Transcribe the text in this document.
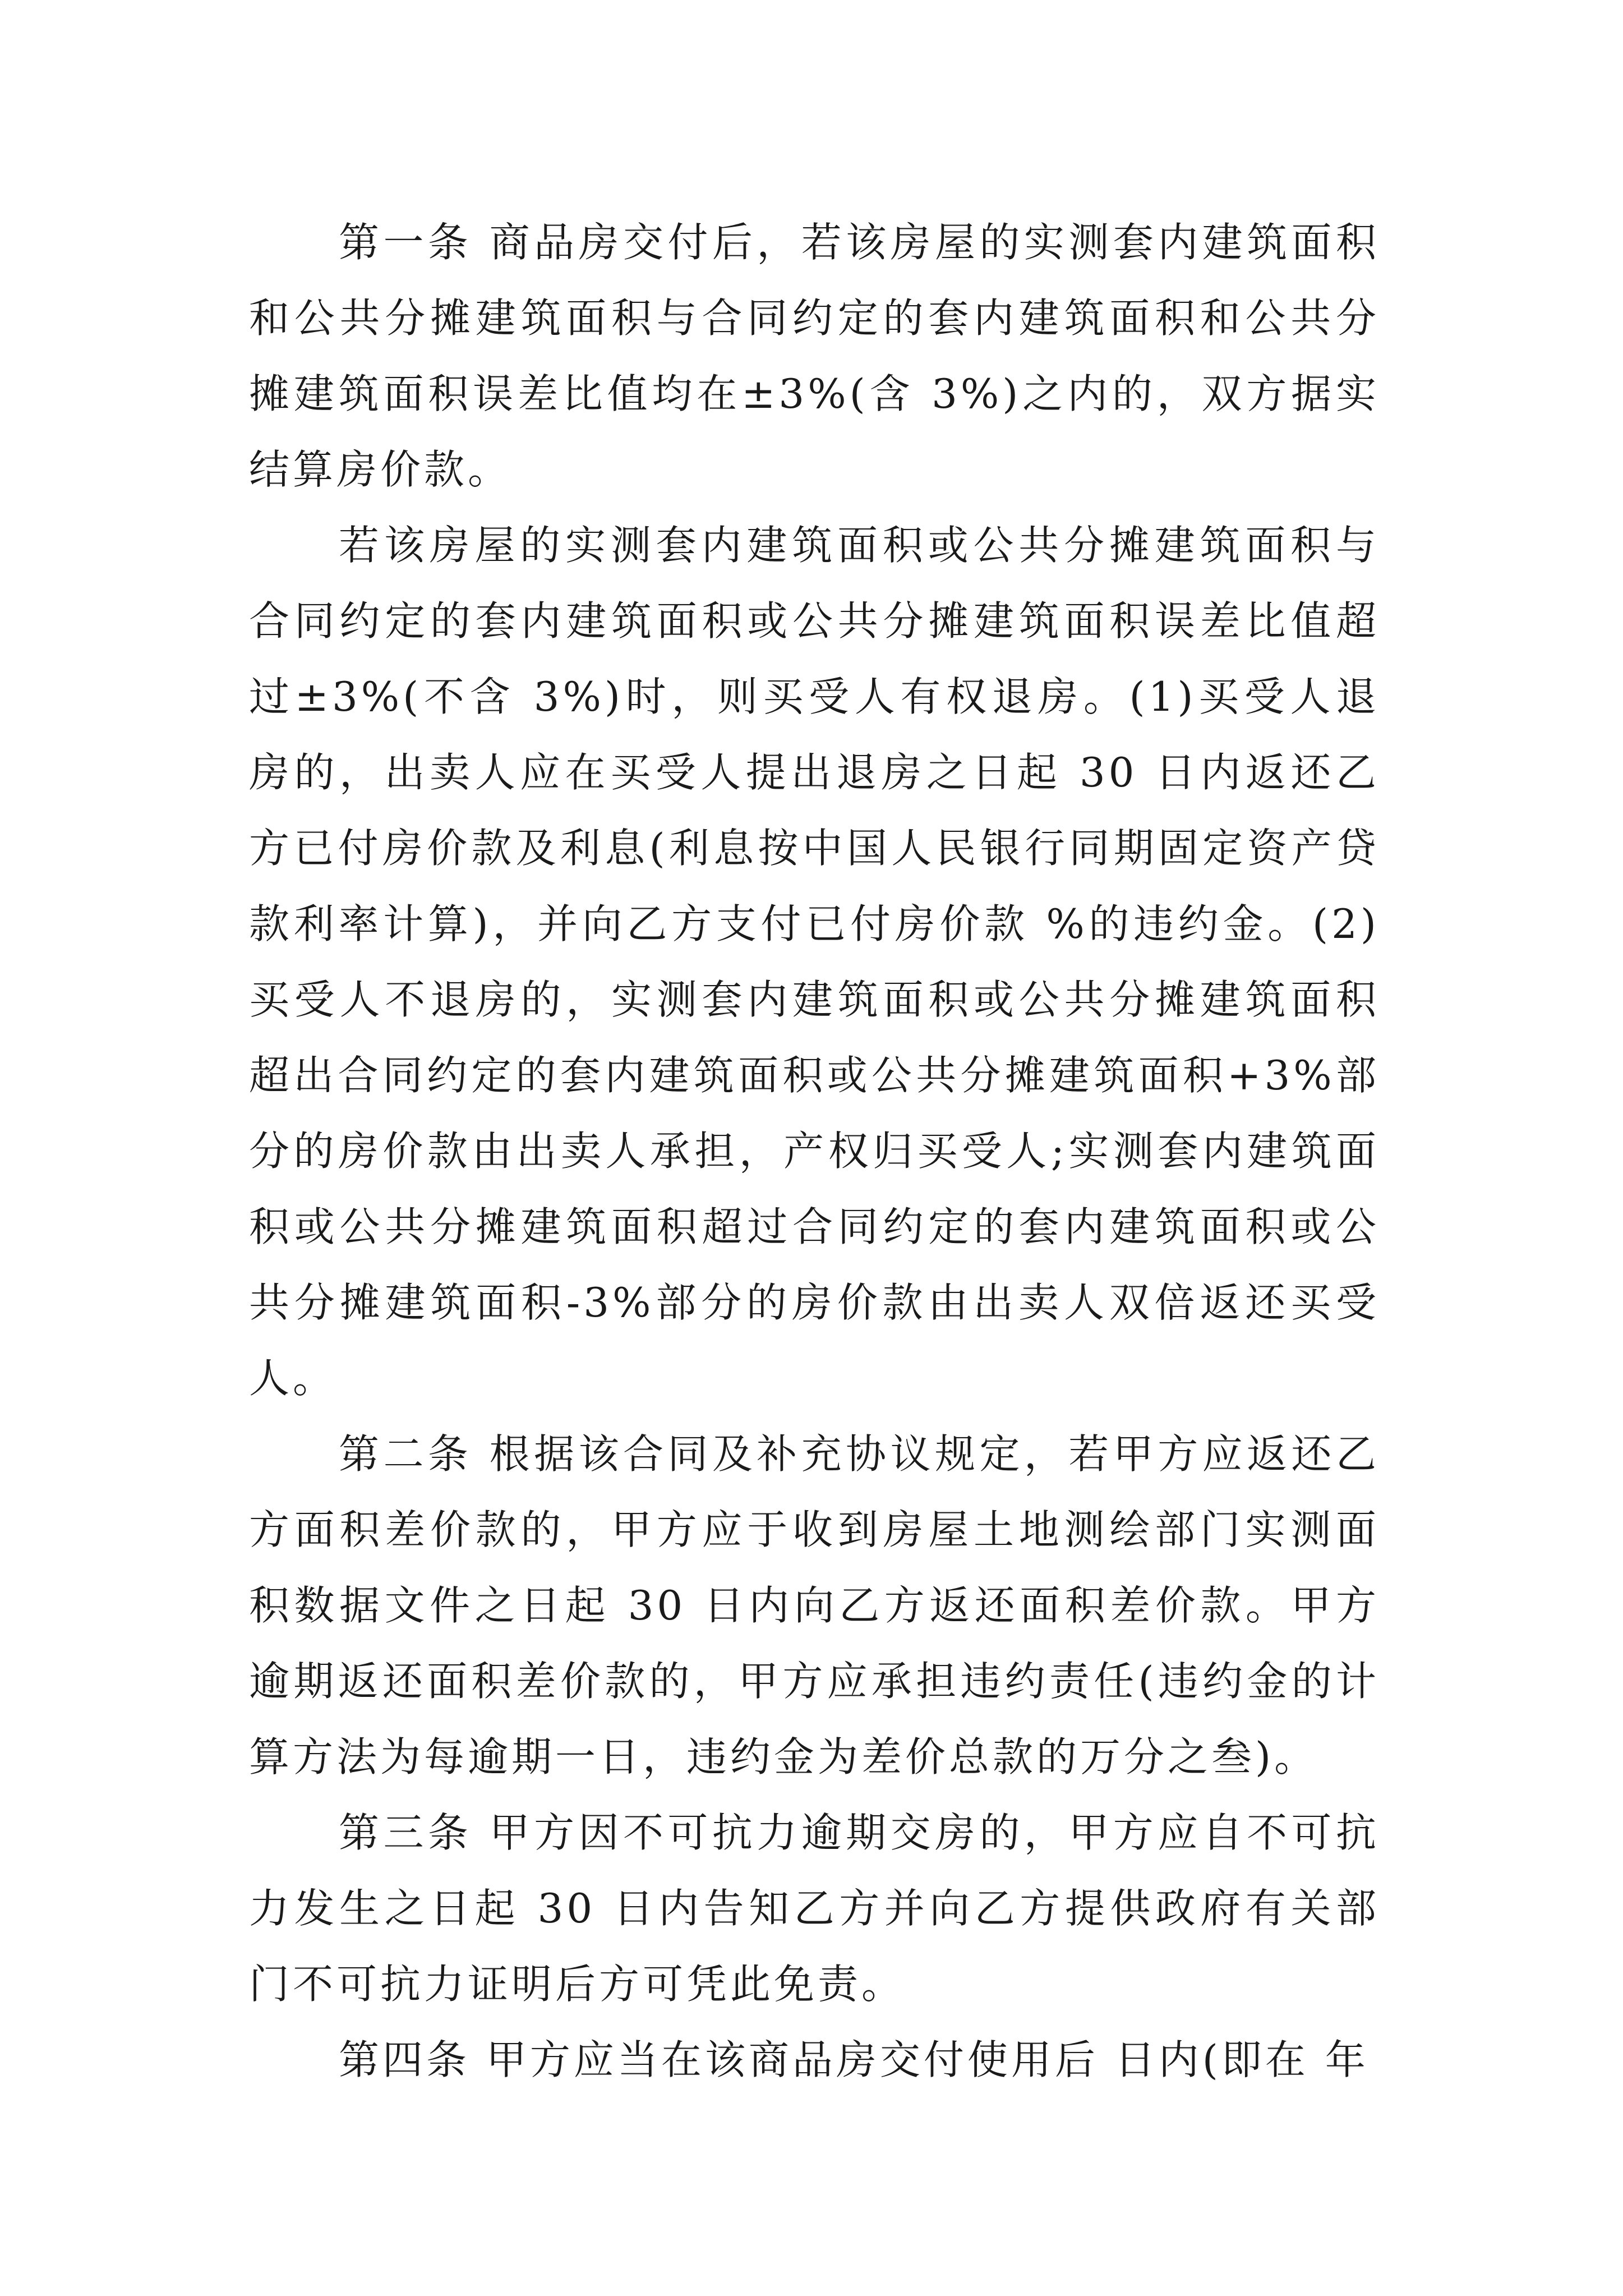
第一条 商品房交付后，若该房屋的实测套内建筑面积和公共分摊建筑面积与合同约定的套内建筑面积和公共分摊建筑面积误差比值均在±3%(含 3%)之内的，双方据实结算房价款。

若该房屋的实测套内建筑面积或公共分摊建筑面积与合同约定的套内建筑面积或公共分摊建筑面积误差比值超过±3%(不含 3%)时，则买受人有权退房。(1)买受人退房的，出卖人应在买受人提出退房之日起 30 日内返还乙方已付房价款及利息(利息按中国人民银行同期固定资产贷款利率计算)，并向乙方支付已付房价款 %的违约金。(2)买受人不退房的，实测套内建筑面积或公共分摊建筑面积超出合同约定的套内建筑面积或公共分摊建筑面积+3%部分的房价款由出卖人承担，产权归买受人;实测套内建筑面积或公共分摊建筑面积超过合同约定的套内建筑面积或公共分摊建筑面积-3%部分的房价款由出卖人双倍返还买受人。

第二条 根据该合同及补充协议规定，若甲方应返还乙方面积差价款的，甲方应于收到房屋土地测绘部门实测面积数据文件之日起 30 日内向乙方返还面积差价款。甲方逾期返还面积差价款的，甲方应承担违约责任(违约金的计算方法为每逾期一日，违约金为差价总款的万分之叁)。

第三条 甲方因不可抗力逾期交房的，甲方应自不可抗力发生之日起 30 日内告知乙方并向乙方提供政府有关部门不可抗力证明后方可凭此免责。

第四条 甲方应当在该商品房交付使用后 日内(即在 年
